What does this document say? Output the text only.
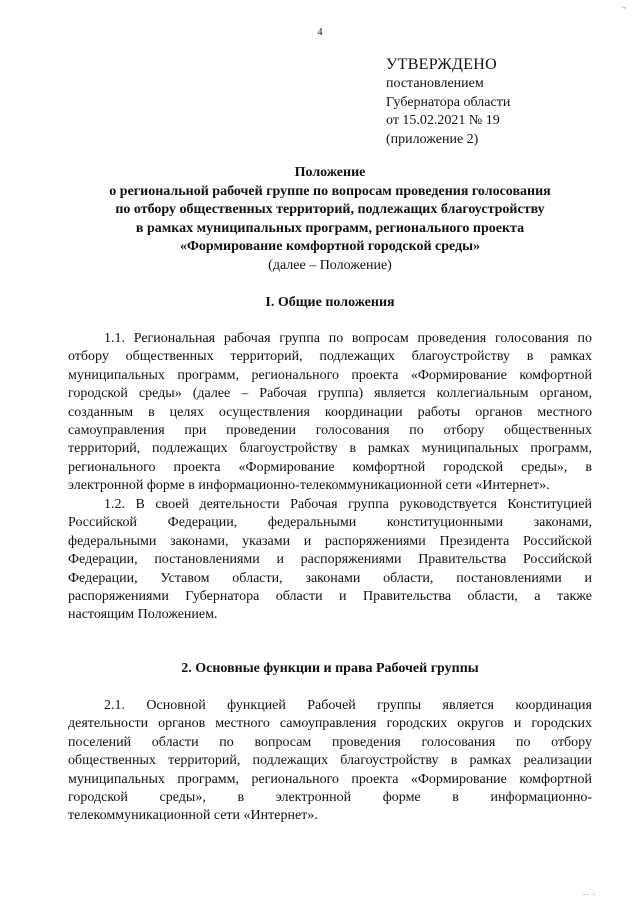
.,
4
УТВЕРЖДЕНО
постановлением
Губернатора области
от 15.02.2021 № 19
(приложение 2)
Положение
о региональной рабочей группе по вопросам проведения голосования
по отбору общественных территорий, подлежащих благоустройству
в рамках муниципальных программ, регионального проекта
«Формирование комфортной городской среды»
(далее – Положение)
I. Общие положения
1.1. Региональная рабочая группа по вопросам проведения голосования по
отбору общественных территорий, подлежащих благоустройству в рамках
муниципальных программ, регионального проекта «Формирование комфортной
городской среды» (далее – Рабочая группа) является коллегиальным органом,
созданным в целях осуществления координации работы органов местного
самоуправления при проведении голосования по отбору общественных
территорий, подлежащих благоустройству в рамках муниципальных программ,
регионального проекта «Формирование комфортной городской среды», в
электронной форме в информационно-телекоммуникационной сети «Интернет».
1.2. В своей деятельности Рабочая группа руководствуется Конституцией
Российской Федерации, федеральными конституционными законами,
федеральными законами, указами и распоряжениями Президента Российской
Федерации, постановлениями и распоряжениями Правительства Российской
Федерации, Уставом области, законами области, постановлениями и
распоряжениями Губернатора области и Правительства области, а также
настоящим Положением.
2. Основные функции и права Рабочей группы
2.1. Основной функцией Рабочей группы является координация
деятельности органов местного самоуправления городских округов и городских
поселений области по вопросам проведения голосования по отбору
общественных территорий, подлежащих благоустройству в рамках реализации
муниципальных программ, регионального проекта «Формирование комфортной
городской среды», в электронной форме в информационно-
телекоммуникационной сети «Интернет».
.. .
